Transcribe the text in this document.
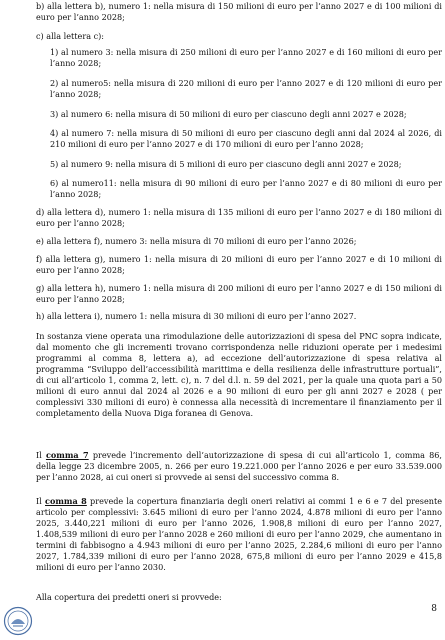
b) alla lettera b), numero 1: nella misura di 150 milioni di euro per l’anno 2027 e di 100 milioni di euro per l’anno 2028;

c) alla lettera c):

1) al numero 3: nella misura di 250 milioni di euro per l’anno 2027 e di 160 milioni di euro per l’anno 2028;

2) al numero5: nella misura di 220 milioni di euro per l’anno 2027 e di 120 milioni di euro per l’anno 2028;

3) al numero 6: nella misura di 50 milioni di euro per ciascuno degli anni 2027 e 2028;

4) al numero 7: nella misura di 50 milioni di euro per ciascuno degli anni dal 2024 al 2026, di 210 milioni di euro per l’anno 2027 e di 170 milioni di euro per l’anno 2028;

5) al numero 9: nella misura di 5 milioni di euro per ciascuno degli anni 2027 e 2028;

6) al numero11: nella misura di 90 milioni di euro per l’anno 2027 e di 80 milioni di euro per l’anno 2028;

d) alla lettera d), numero 1: nella misura di 135 milioni di euro per l’anno 2027 e di 180 milioni di euro per l’anno 2028;

e) alla lettera f), numero 3: nella misura di 70 milioni di euro per l’anno 2026;

f) alla lettera g), numero 1: nella misura di 20 milioni di euro per l’anno 2027 e di 10 milioni di euro per l’anno 2028;

g) alla lettera h), numero 1: nella misura di 200 milioni di euro per l’anno 2027 e di 150 milioni di euro per l’anno 2028;

h) alla lettera i), numero 1: nella misura di 30 milioni di euro per l’anno 2027.

In sostanza viene operata una rimodulazione delle autorizzazioni di spesa del PNC sopra indicate, dal momento che gli incrementi trovano corrispondenza nelle riduzioni operate per i medesimi programmi al comma 8, lettera a), ad eccezione dell’autorizzazione di spesa relativa al programma “Sviluppo dell’accessibilità marittima e della resilienza delle infrastrutture portuali”, di cui all’articolo 1, comma 2, lett. c), n. 7 del d.l. n. 59 del 2021, per la quale una quota pari a 50 milioni di euro annui dal 2024 al 2026 e a 90 milioni di euro per gli anni 2027 e 2028 ( per complessivi 330 milioni di euro) è connessa alla necessità di incrementare il finanziamento per il completamento della Nuova Diga foranea di Genova.

Il comma 7 prevede l’incremento dell’autorizzazione di spesa di cui all’articolo 1, comma 86, della legge 23 dicembre 2005, n. 266 per euro 19.221.000 per l’anno 2026 e per euro 33.539.000 per l’anno 2028, ai cui oneri si provvede ai sensi del successivo comma 8.

Il comma 8 prevede la copertura finanziaria degli oneri relativi ai commi 1 e 6 e 7 del presente articolo per complessivi: 3.645 milioni di euro per l’anno 2024, 4.878 milioni di euro per l’anno 2025, 3.440,221 milioni di euro per l’anno 2026, 1.908,8 milioni di euro per l’anno 2027, 1.408,539 milioni di euro per l’anno 2028 e 260 milioni di euro per l’anno 2029, che aumentano in termini di fabbisogno a 4.943 milioni di euro per l’anno 2025, 2.284,6 milioni di euro per l’anno 2027, 1.784,339 milioni di euro per l’anno 2028, 675,8 milioni di euro per l’anno 2029 e 415,8 milioni di euro per l’anno 2030.

Alla copertura dei predetti oneri si provvede:

8
